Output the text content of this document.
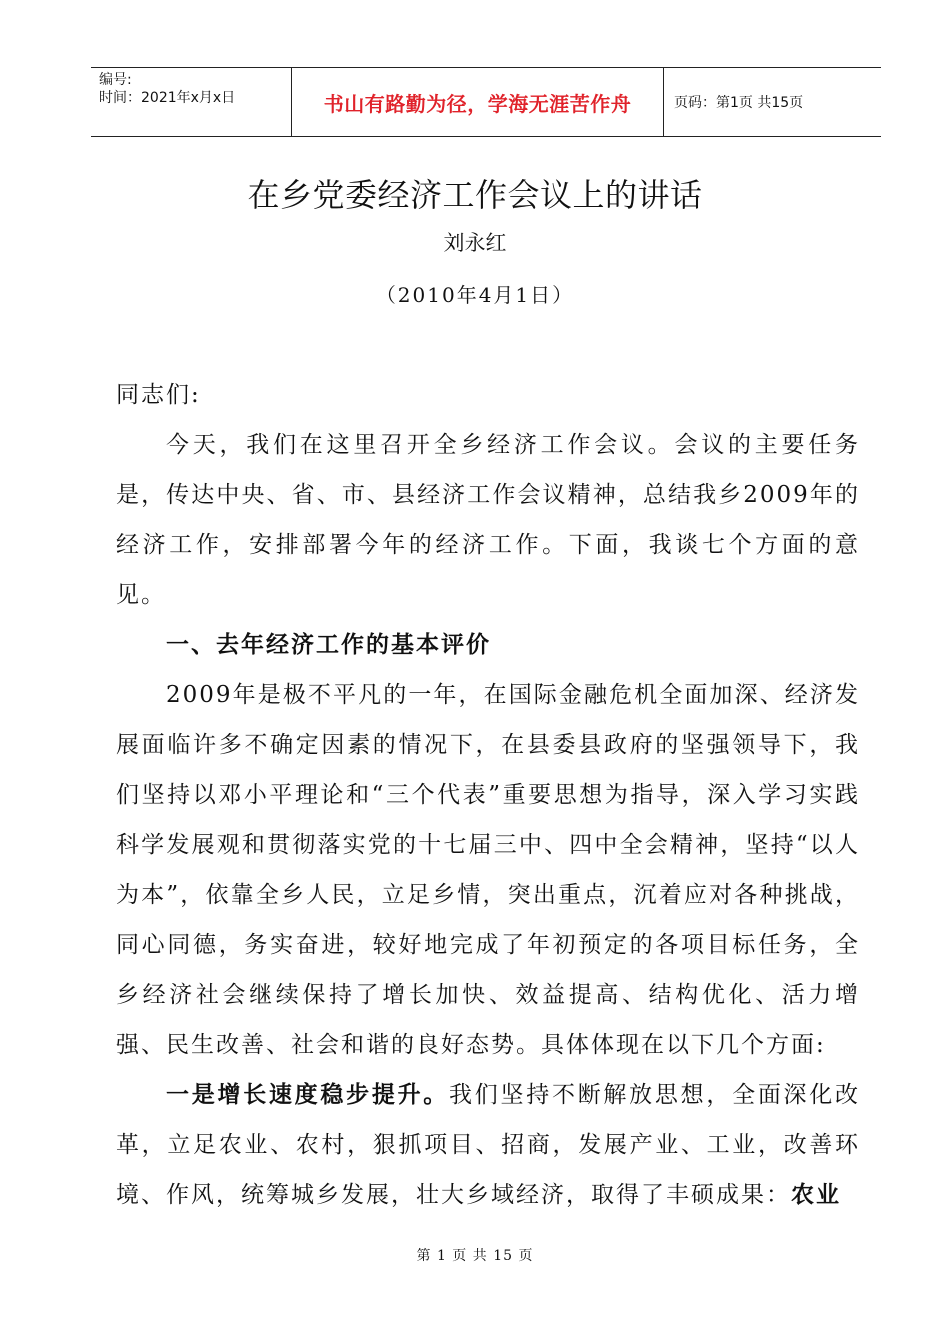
编号:
时间：2021年x月x日	书山有路勤为径，学海无涯苦作舟	页码：第1页 共15页
在乡党委经济工作会议上的讲话
刘永红
（2010年4月1日）

同志们:

今天，我们在这里召开全乡经济工作会议。会议的主要任务是，传达中央、省、市、县经济工作会议精神，总结我乡2009年的经济工作，安排部署今年的经济工作。下面，我谈七个方面的意见。

一、去年经济工作的基本评价

2009年是极不平凡的一年，在国际金融危机全面加深、经济发展面临许多不确定因素的情况下，在县委县政府的坚强领导下，我们坚持以邓小平理论和“三个代表”重要思想为指导，深入学习实践科学发展观和贯彻落实党的十七届三中、四中全会精神，坚持“以人为本”，依靠全乡人民，立足乡情，突出重点，沉着应对各种挑战，同心同德，务实奋进，较好地完成了年初预定的各项目标任务，全乡经济社会继续保持了增长加快、效益提高、结构优化、活力增强、民生改善、社会和谐的良好态势。具体体现在以下几个方面:

一是增长速度稳步提升。我们坚持不断解放思想，全面深化改革，立足农业、农村，狠抓项目、招商，发展产业、工业，改善环境、作风，统筹城乡发展，壮大乡域经济，取得了丰硕成果：农业

第 1 页 共 15 页
